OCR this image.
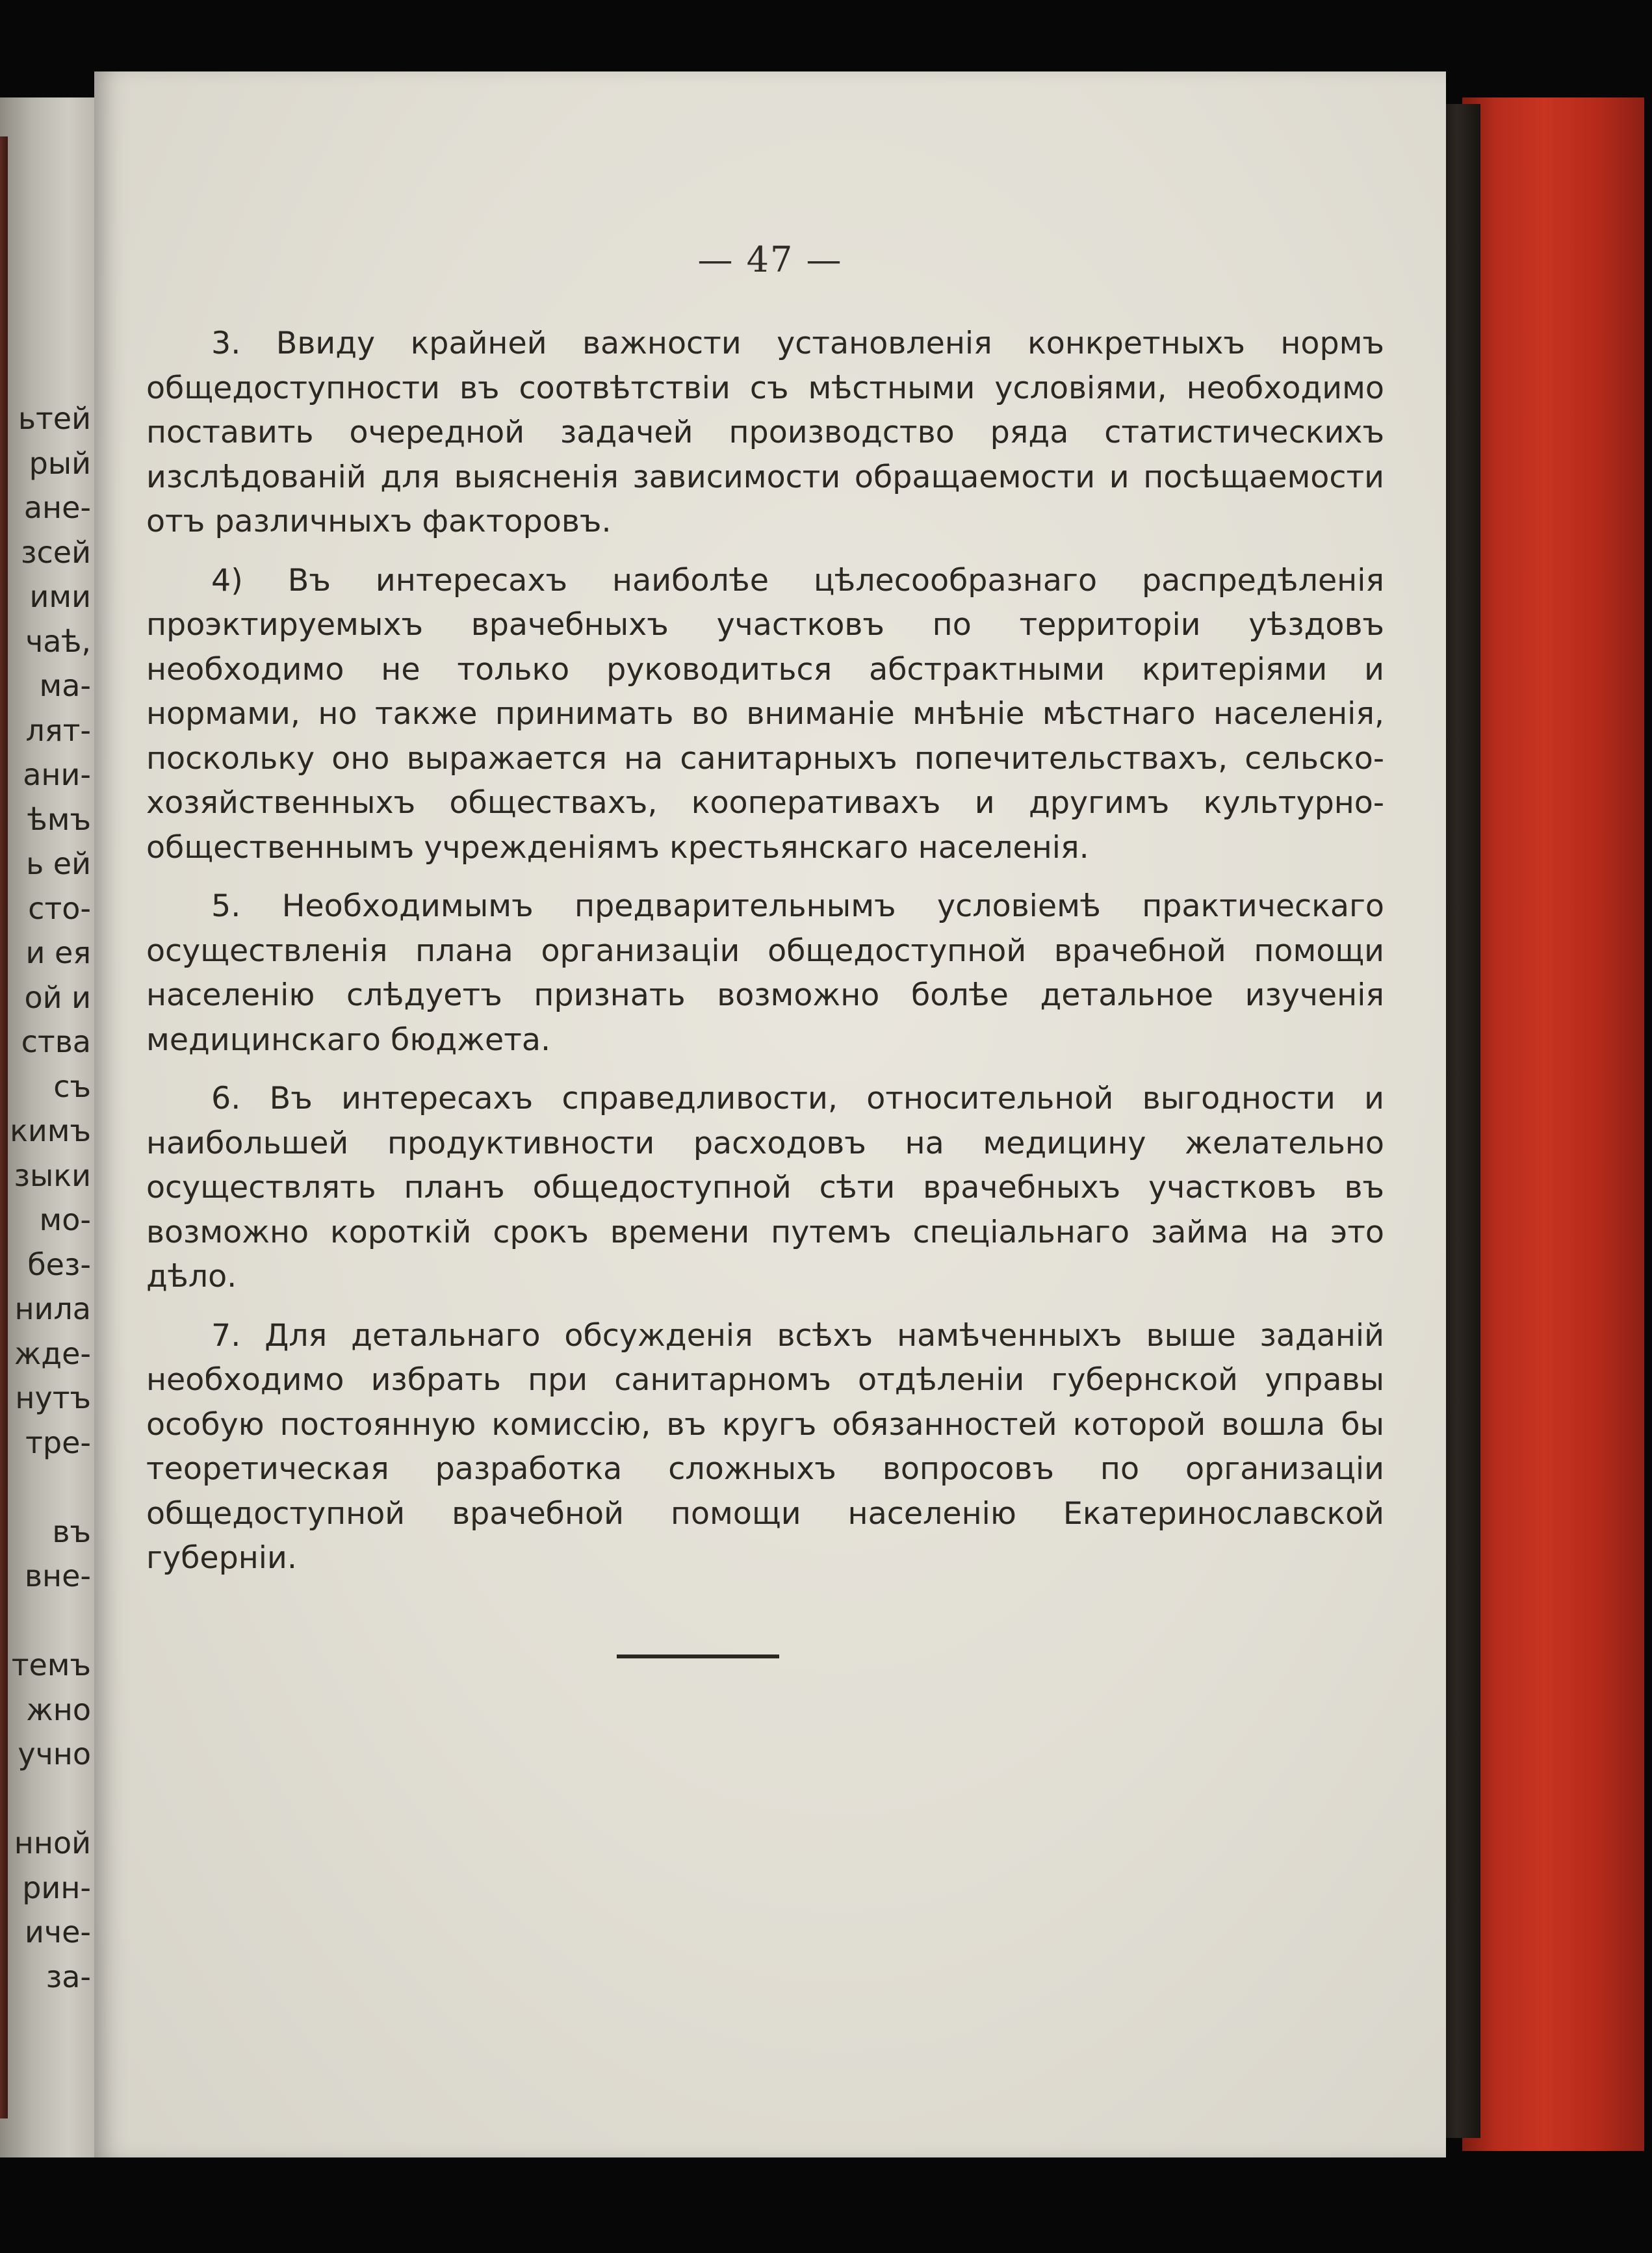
ьтей
рый
ане-
зсей
ими
чаѣ,
ма-
лят-
ани-
ѣмъ
ь ей
сто-
и ея
ой и
ства
съ
кимъ
зыки
мо-
без-
нила
жде-
нутъ
тре-

въ
вне-

темъ
жно
учно

нной
рин-
иче-
за-
— 47 —

3. Ввиду крайней важности установленія конкретныхъ нормъ общедоступности въ соотвѣтствіи съ мѣстными условіями, необходимо поставить очередной задачей производство ряда статистическихъ изслѣдованій для выясненія зависимости обращаемости и посѣщаемости отъ различныхъ факторовъ.

4) Въ интересахъ наиболѣе цѣлесообразнаго распредѣленія проэктируемыхъ врачебныхъ участковъ по территоріи уѣздовъ необходимо не только руководиться абстрактными критеріями и нормами, но также принимать во вниманіе мнѣніе мѣстнаго населенія, поскольку оно выражается на санитарныхъ попечительствахъ, сельско-хозяйственныхъ обществахъ, кооперативахъ и другимъ культурно-общественнымъ учрежденіямъ крестьянскаго населенія.

5. Необходимымъ предварительнымъ условіемѣ практическаго осуществленія плана организаціи общедоступной врачебной помощи населенію слѣдуетъ признать возможно болѣе детальное изученія медицинскаго бюджета.

6. Въ интересахъ справедливости, относительной выгодности и наибольшей продуктивности расходовъ на медицину желательно осуществлять планъ общедоступной сѣти врачебныхъ участковъ въ возможно короткій срокъ времени путемъ спеціальнаго займа на это дѣло.

7. Для детальнаго обсужденія всѣхъ намѣченныхъ выше заданій необходимо избрать при санитарномъ отдѣленіи губернской управы особую постоянную комиссію, въ кругъ обязанностей которой вошла бы теоретическая разработка сложныхъ вопросовъ по организаціи общедоступной врачебной помощи населенію Екатеринославской губерніи.
